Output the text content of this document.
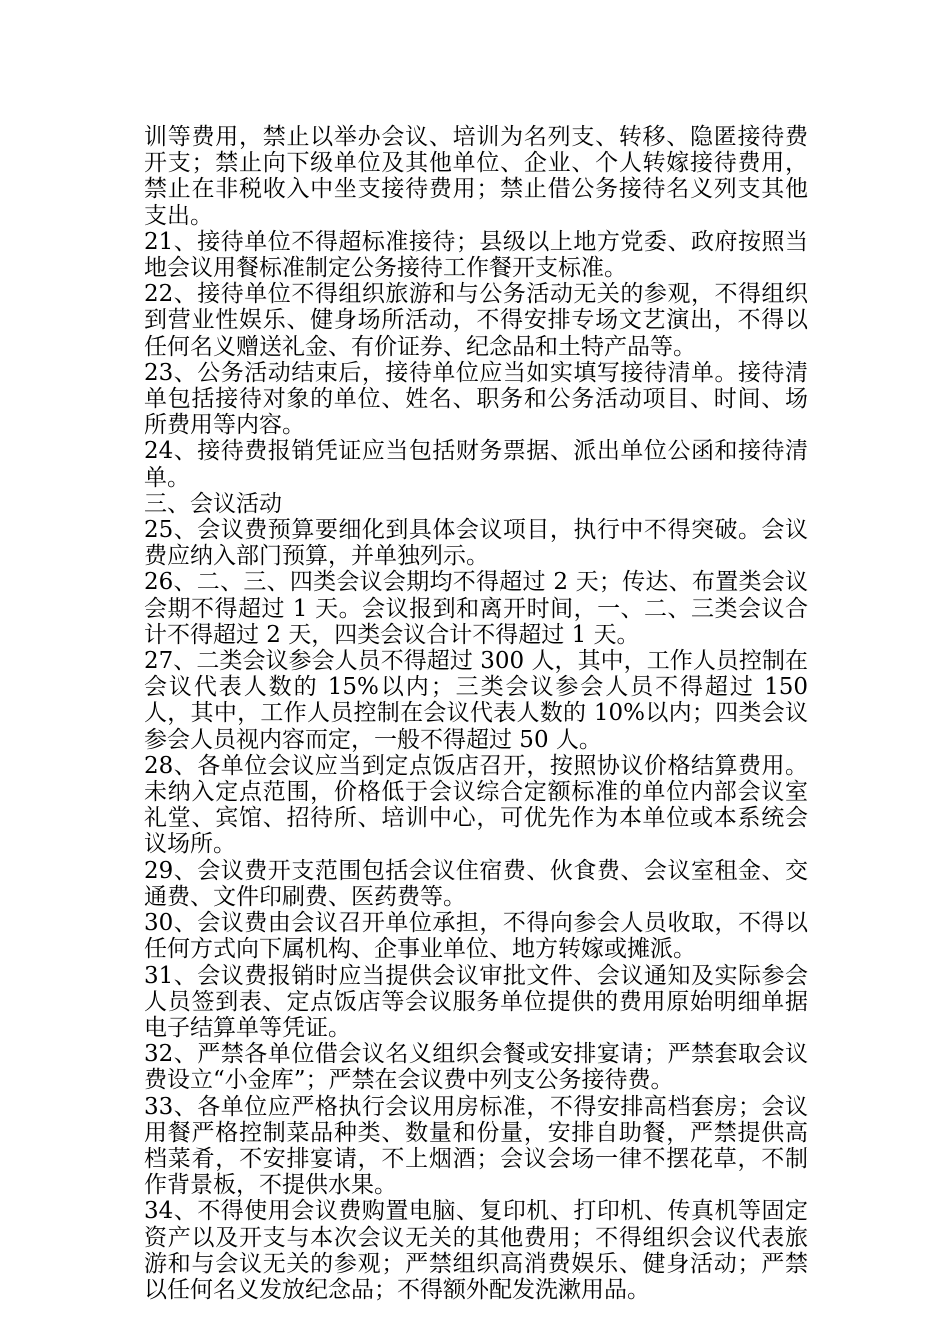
训等费用，禁止以举办会议、培训为名列支、转移、隐匿接待费开支；禁止向下级单位及其他单位、企业、个人转嫁接待费用，禁止在非税收入中坐支接待费用；禁止借公务接待名义列支其他支出。

21、接待单位不得超标准接待；县级以上地方党委、政府按照当地会议用餐标准制定公务接待工作餐开支标准。

22、接待单位不得组织旅游和与公务活动无关的参观，不得组织到营业性娱乐、健身场所活动，不得安排专场文艺演出，不得以任何名义赠送礼金、有价证券、纪念品和土特产品等。

23、公务活动结束后，接待单位应当如实填写接待清单。接待清单包括接待对象的单位、姓名、职务和公务活动项目、时间、场所费用等内容。

24、接待费报销凭证应当包括财务票据、派出单位公函和接待清单。

三、会议活动

25、会议费预算要细化到具体会议项目，执行中不得突破。会议费应纳入部门预算，并单独列示。

26、二、三、四类会议会期均不得超过 2 天；传达、布置类会议会期不得超过 1 天。会议报到和离开时间，一、二、三类会议合计不得超过 2 天，四类会议合计不得超过 1 天。

27、二类会议参会人员不得超过 300 人，其中，工作人员控制在会议代表人数的 15%以内；三类会议参会人员不得超过 150 人，其中，工作人员控制在会议代表人数的 10%以内；四类会议参会人员视内容而定，一般不得超过 50 人。

28、各单位会议应当到定点饭店召开，按照协议价格结算费用。未纳入定点范围，价格低于会议综合定额标准的单位内部会议室礼堂、宾馆、招待所、培训中心，可优先作为本单位或本系统会议场所。

29、会议费开支范围包括会议住宿费、伙食费、会议室租金、交通费、文件印刷费、医药费等。

30、会议费由会议召开单位承担，不得向参会人员收取，不得以任何方式向下属机构、企事业单位、地方转嫁或摊派。

31、会议费报销时应当提供会议审批文件、会议通知及实际参会人员签到表、定点饭店等会议服务单位提供的费用原始明细单据电子结算单等凭证。

32、严禁各单位借会议名义组织会餐或安排宴请；严禁套取会议费设立“小金库”；严禁在会议费中列支公务接待费。

33、各单位应严格执行会议用房标准，不得安排高档套房；会议用餐严格控制菜品种类、数量和份量，安排自助餐，严禁提供高档菜肴，不安排宴请，不上烟酒；会议会场一律不摆花草，不制作背景板，不提供水果。

34、不得使用会议费购置电脑、复印机、打印机、传真机等固定资产以及开支与本次会议无关的其他费用；不得组织会议代表旅游和与会议无关的参观；严禁组织高消费娱乐、健身活动；严禁以任何名义发放纪念品；不得额外配发洗漱用品。
